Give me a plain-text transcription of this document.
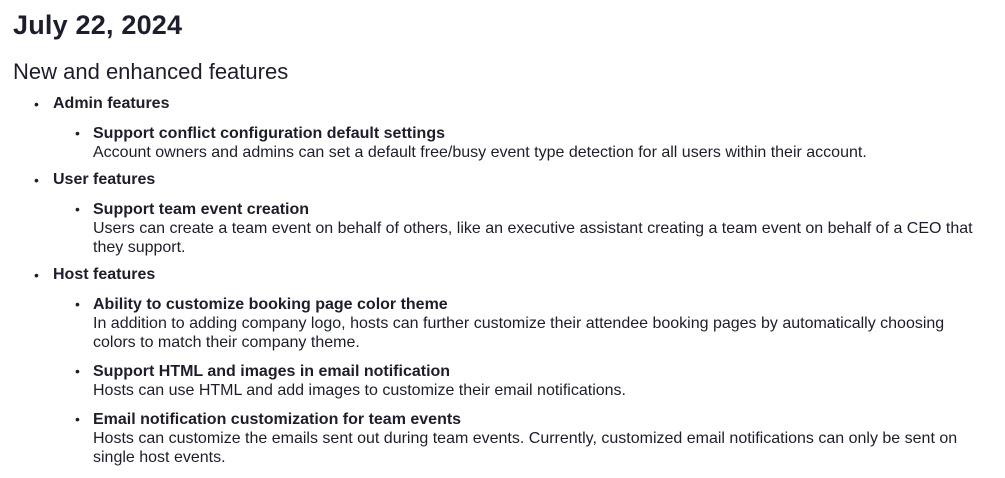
July 22, 2024
New and enhanced features
• Admin features
• Support conflict configuration default settings
Account owners and admins can set a default free/busy event type detection for all users within their account.
• User features
• Support team event creation
Users can create a team event on behalf of others, like an executive assistant creating a team event on behalf of a CEO that they support.
• Host features
• Ability to customize booking page color theme
In addition to adding company logo, hosts can further customize their attendee booking pages by automatically choosing colors to match their company theme.
• Support HTML and images in email notification
Hosts can use HTML and add images to customize their email notifications.
• Email notification customization for team events
Hosts can customize the emails sent out during team events. Currently, customized email notifications can only be sent on single host events.
